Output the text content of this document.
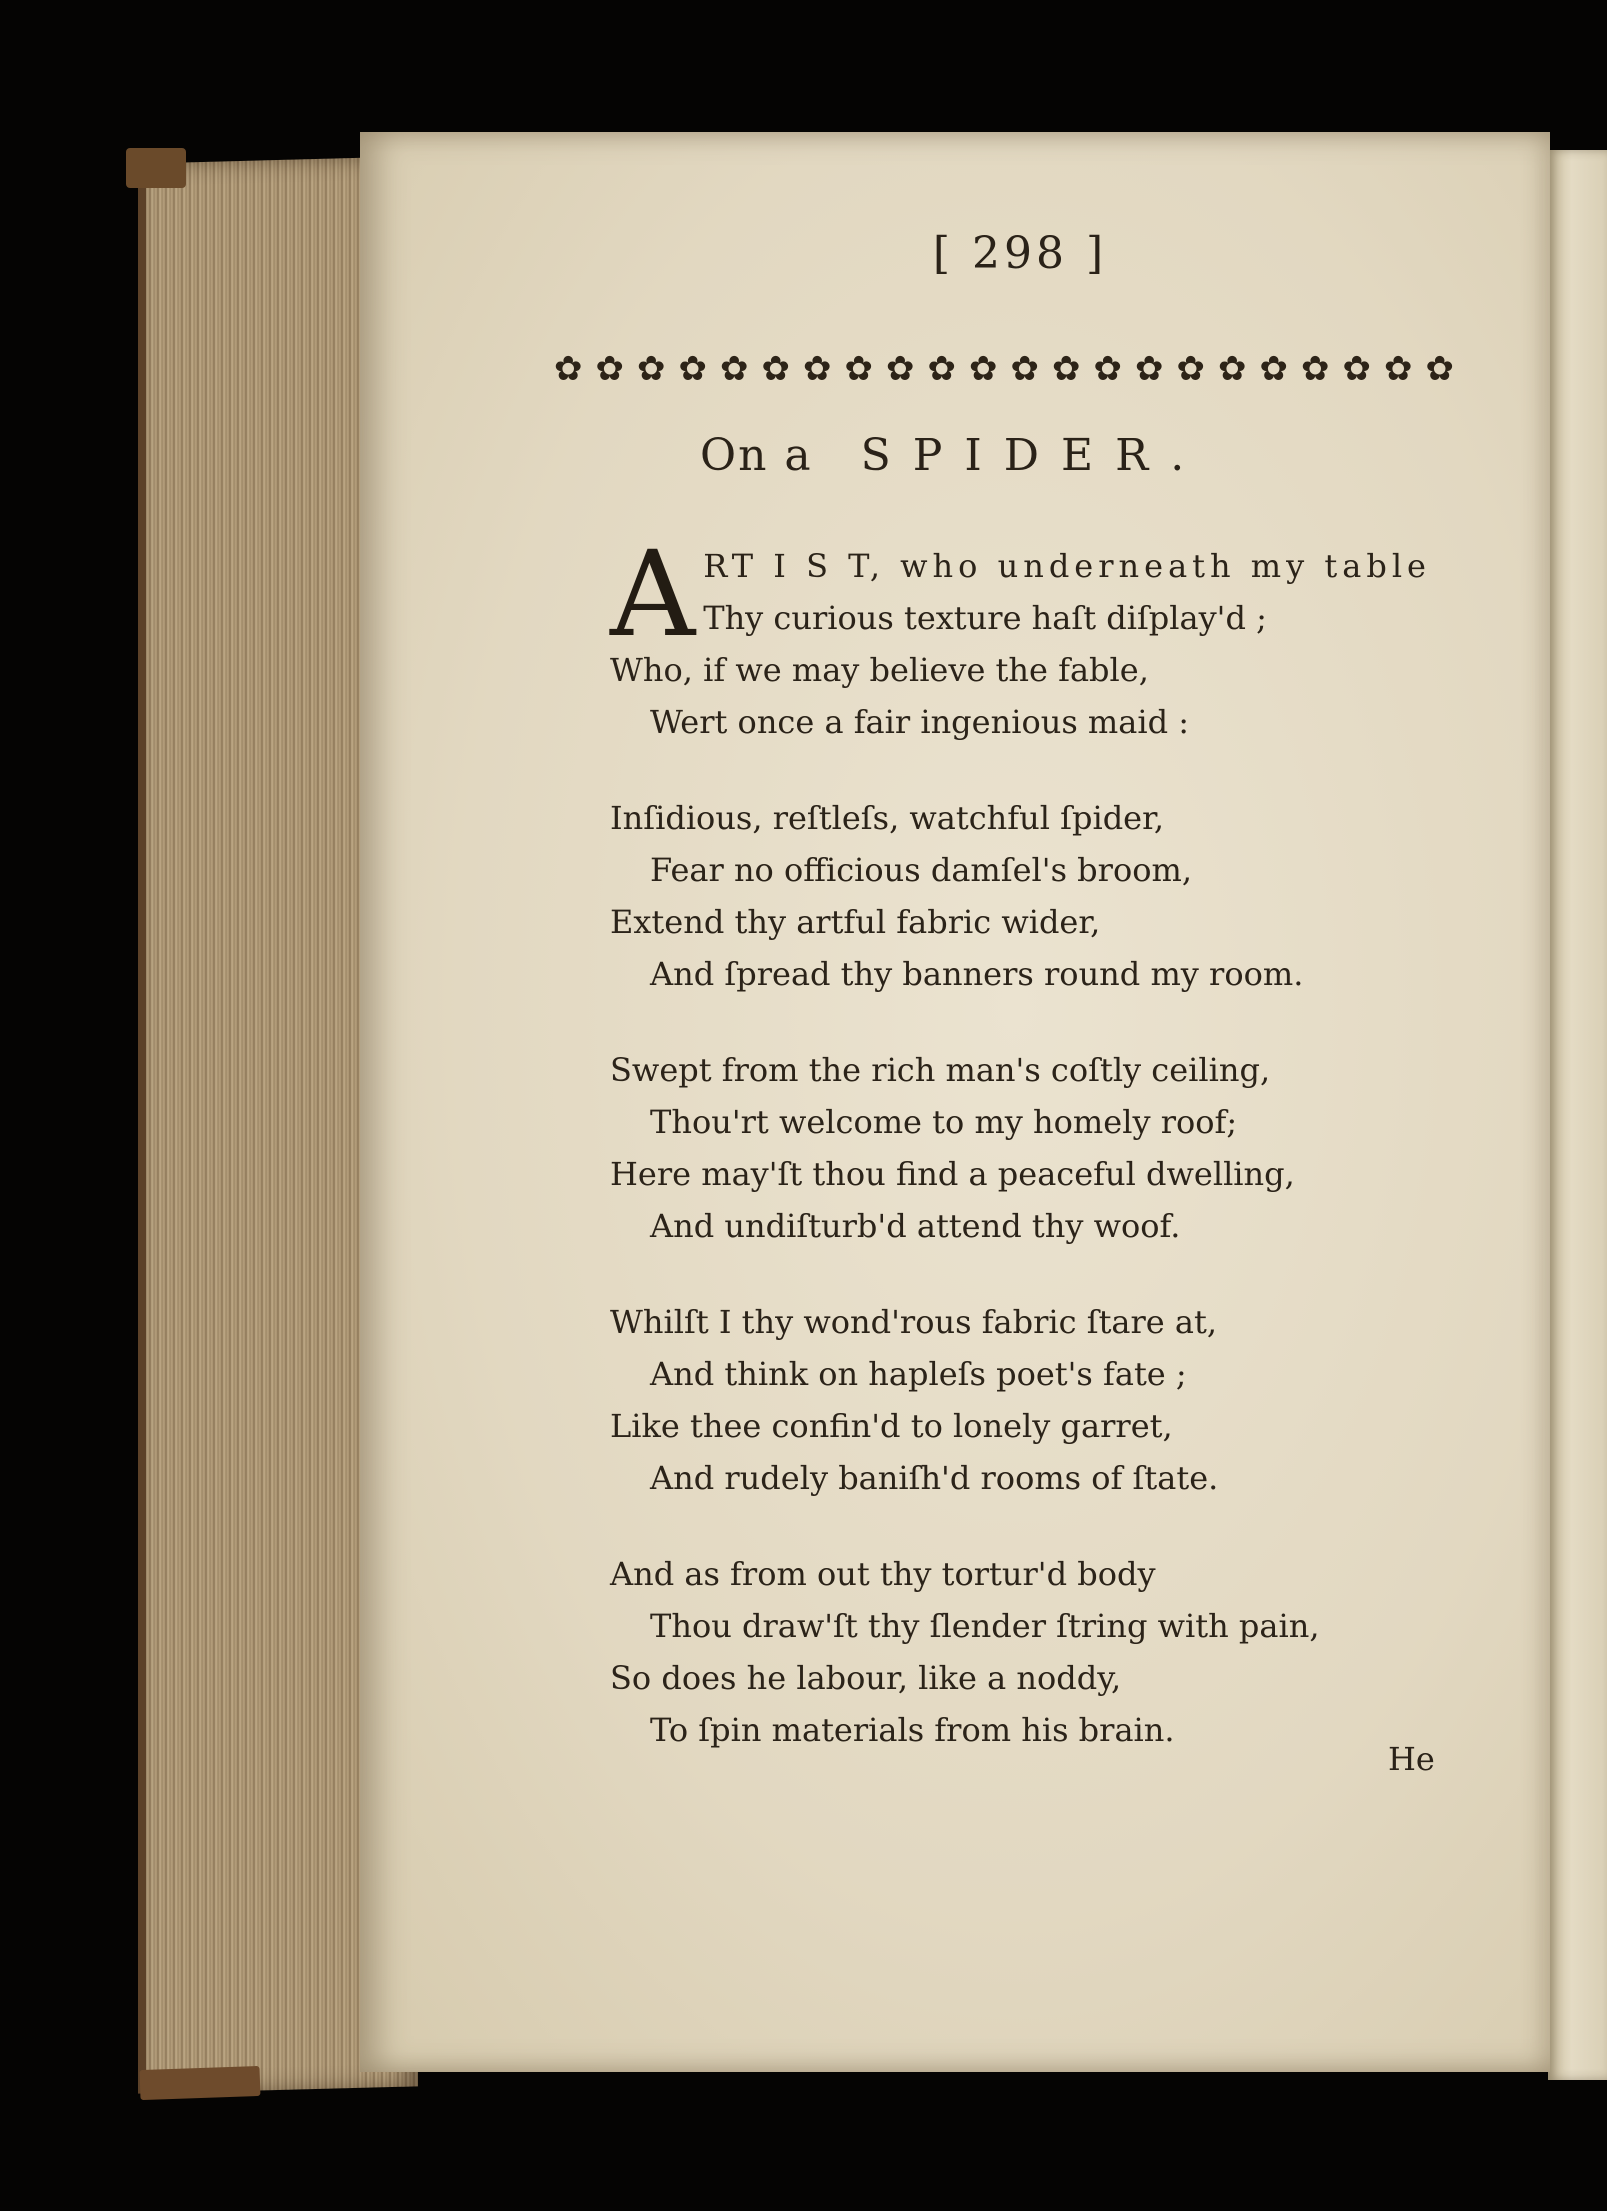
[ 298 ]
✿ ✿ ✿ ✿ ✿ ✿ ✿ ✿ ✿ ✿ ✿ ✿ ✿ ✿ ✿ ✿ ✿ ✿ ✿ ✿ ✿ ✿
On a SPIDER.
A RT I S T, who underneath my table
Thy curious texture haſt diſplay'd ;
Who, if we may believe the fable,
Wert once a fair ingenious maid :
Inſidious, reſtleſs, watchful ſpider,
Fear no officious damſel's broom,
Extend thy artful fabric wider,
And ſpread thy banners round my room.
Swept from the rich man's coſtly ceiling,
Thou'rt welcome to my homely roof;
Here may'ſt thou find a peaceful dwelling,
And undiſturb'd attend thy woof.
Whilſt I thy wond'rous fabric ſtare at,
And think on hapleſs poet's fate ;
Like thee confin'd to lonely garret,
And rudely baniſh'd rooms of ſtate.
And as from out thy tortur'd body
Thou draw'ſt thy ſlender ſtring with pain,
So does he labour, like a noddy,
To ſpin materials from his brain.
He
